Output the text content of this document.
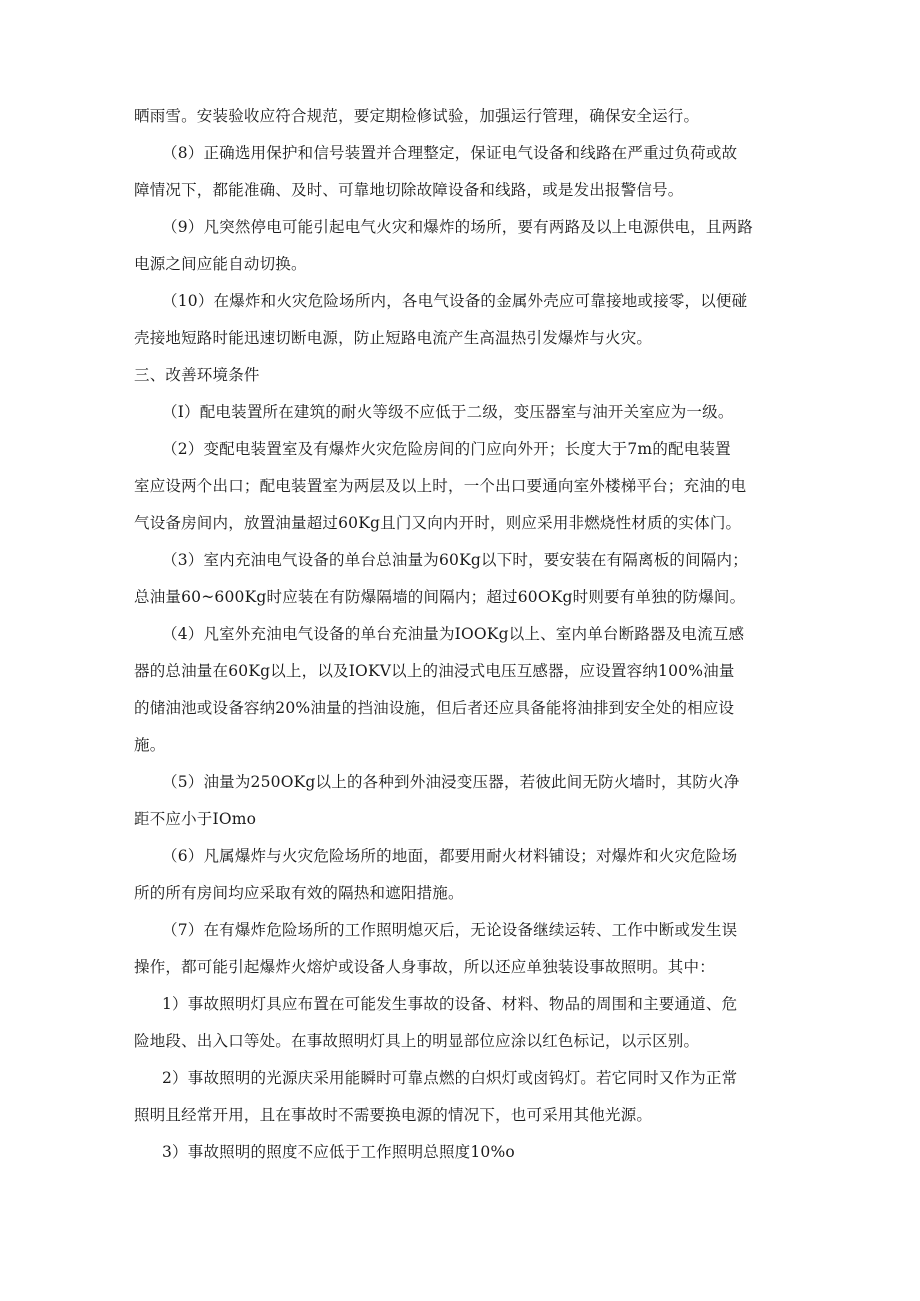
晒雨雪。安装验收应符合规范，要定期检修试验，加强运行管理，确保安全运行。
（8）正确选用保护和信号装置并合理整定，保证电气设备和线路在严重过负荷或故
障情况下，都能准确、及时、可靠地切除故障设备和线路，或是发出报警信号。
（9）凡突然停电可能引起电气火灾和爆炸的场所，要有两路及以上电源供电，且两路
电源之间应能自动切换。
（10）在爆炸和火灾危险场所内，各电气设备的金属外壳应可靠接地或接零，以便碰
壳接地短路时能迅速切断电源，防止短路电流产生高温热引发爆炸与火灾。
三、改善环境条件
（I）配电装置所在建筑的耐火等级不应低于二级，变压器室与油开关室应为一级。
（2）变配电装置室及有爆炸火灾危险房间的门应向外开；长度大于7m的配电装置
室应设两个出口；配电装置室为两层及以上时，一个出口要通向室外楼梯平台；充油的电
气设备房间内，放置油量超过60Kg且门又向内开时，则应采用非燃烧性材质的实体门。
（3）室内充油电气设备的单台总油量为60Kg以下时，要安装在有隔离板的间隔内；
总油量60~600Kg时应装在有防爆隔墙的间隔内；超过60OKg时则要有单独的防爆间。
（4）凡室外充油电气设备的单台充油量为IOOKg以上、室内单台断路器及电流互感
器的总油量在60Kg以上，以及IOKV以上的油浸式电压互感器，应设置容纳100%油量
的储油池或设备容纳20%油量的挡油设施，但后者还应具备能将油排到安全处的相应设
施。
（5）油量为250OKg以上的各种到外油浸变压器，若彼此间无防火墙时，其防火净
距不应小于IOmo
（6）凡属爆炸与火灾危险场所的地面，都要用耐火材料铺设；对爆炸和火灾危险场
所的所有房间均应采取有效的隔热和遮阳措施。
（7）在有爆炸危险场所的工作照明熄灭后，无论设备继续运转、工作中断或发生误
操作，都可能引起爆炸火熔炉或设备人身事故，所以还应单独装设事故照明。其中：
1）事故照明灯具应布置在可能发生事故的设备、材料、物品的周围和主要通道、危
险地段、出入口等处。在事故照明灯具上的明显部位应涂以红色标记，以示区别。
2）事故照明的光源庆采用能瞬时可靠点燃的白炽灯或卤钨灯。若它同时又作为正常
照明且经常开用，且在事故时不需要换电源的情况下，也可采用其他光源。
3）事故照明的照度不应低于工作照明总照度10%o
